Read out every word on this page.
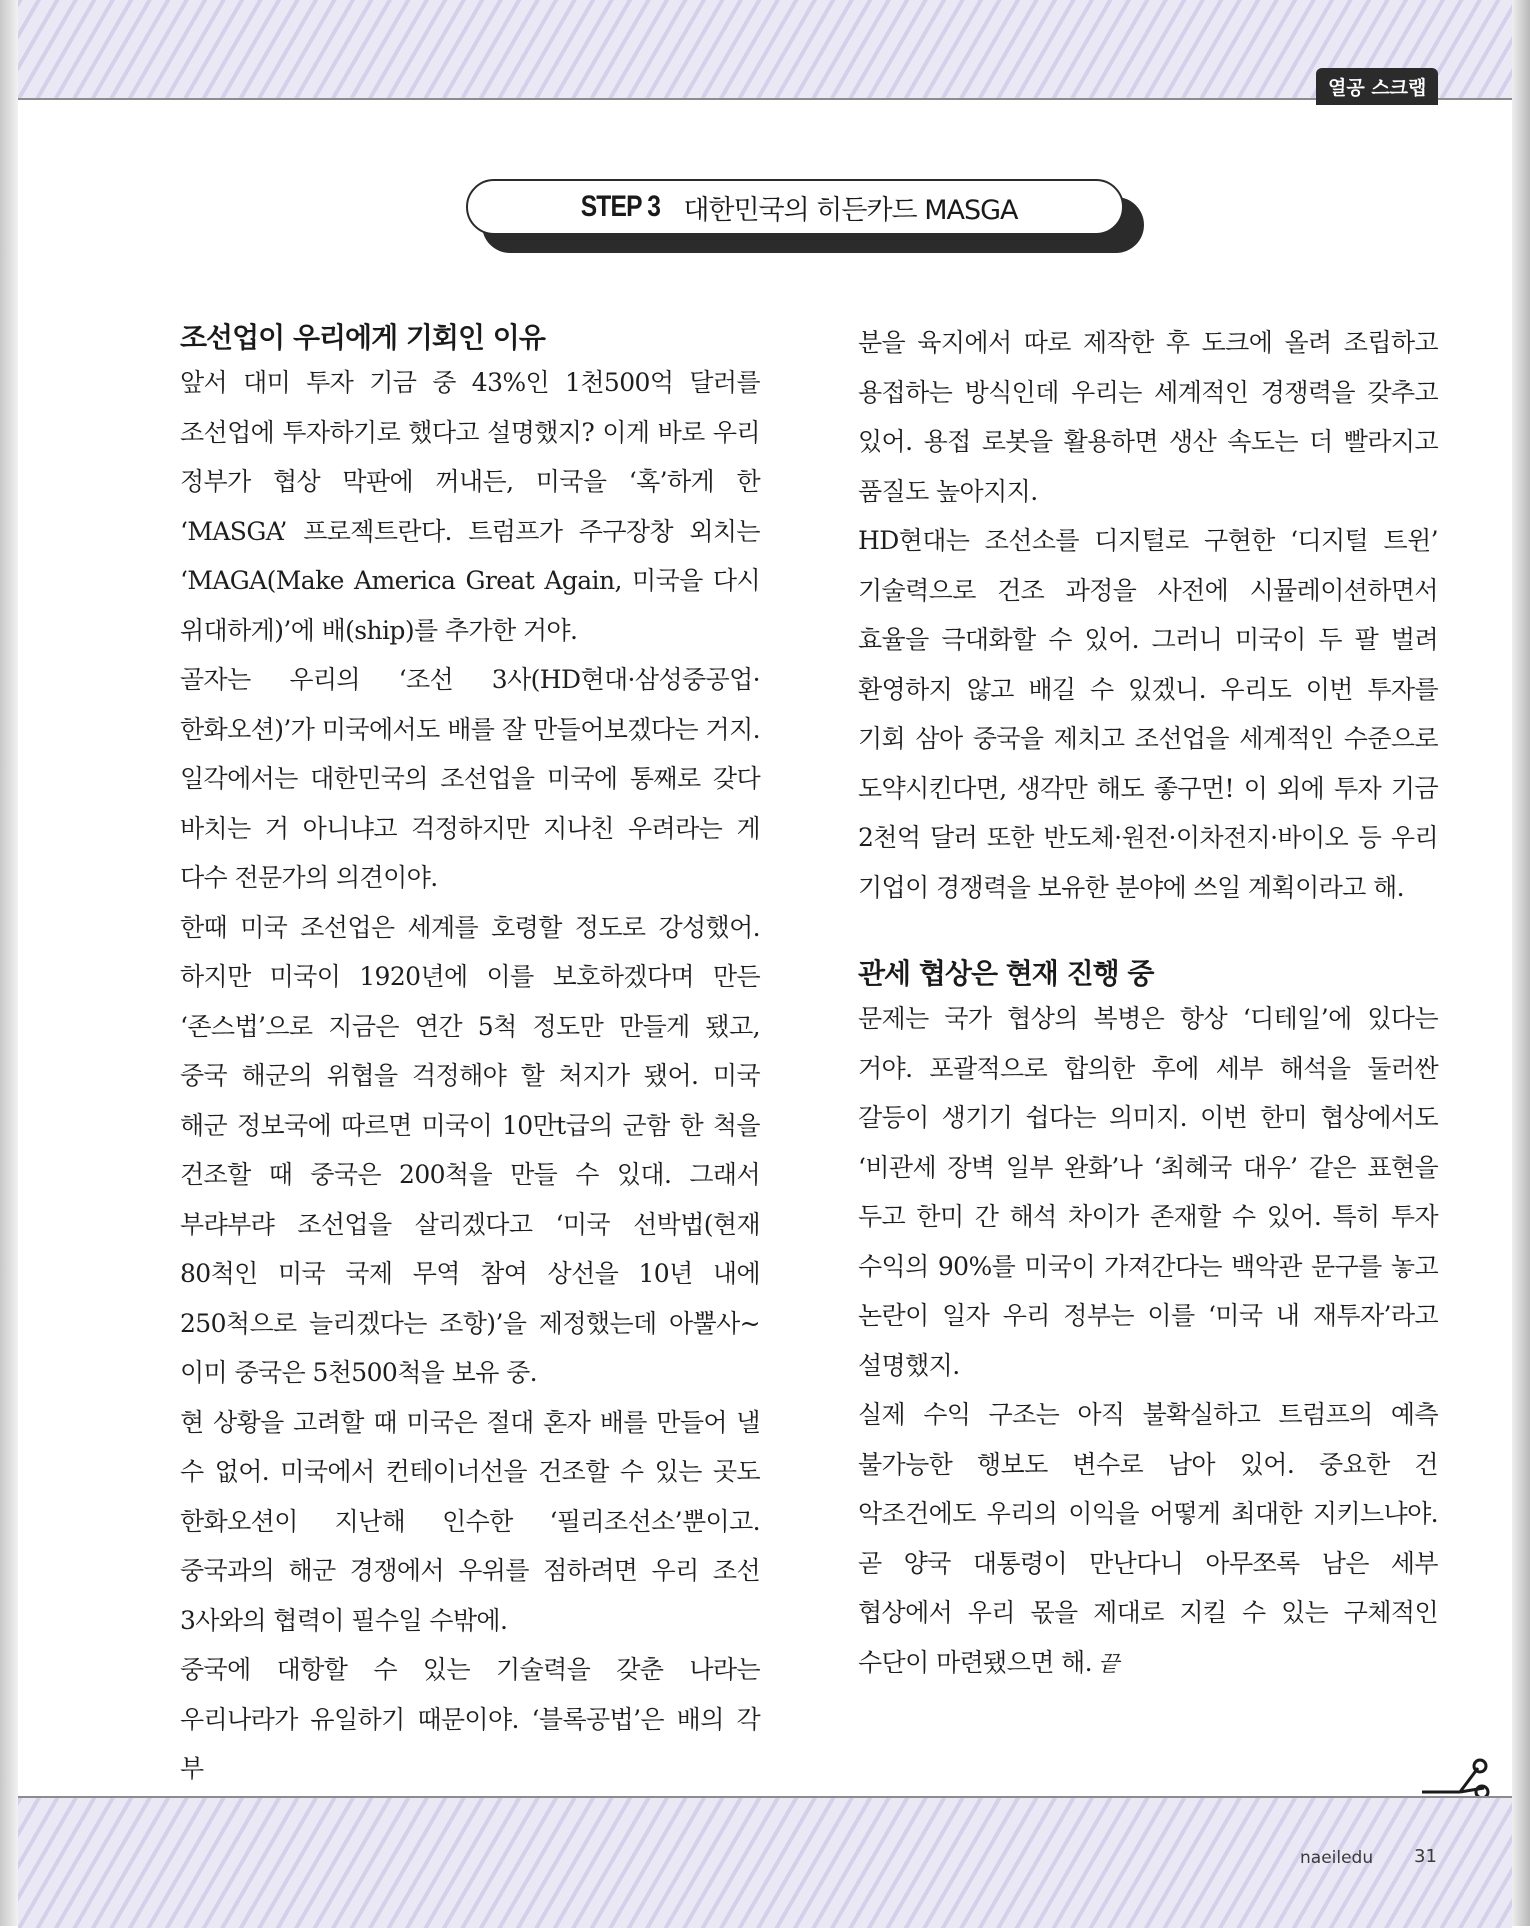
열공 스크랩
STEP 3 대한민국의 히든카드 MASGA
조선업이 우리에게 기회인 이유

앞서 대미 투자 기금 중 43%인 1천500억 달러를 조선업에 투자하기로 했다고 설명했지? 이게 바로 우리 정부가 협상 막판에 꺼내든, 미국을 ‘혹’하게 한 ‘MASGA’ 프로젝트란다. 트럼프가 주구장창 외치는 ‘MAGA(Make America Great Again, 미국을 다시 위대하게)’에 배(ship)를 추가한 거야.

골자는 우리의 ‘조선 3사(HD현대·삼성중공업·한화오션)’가 미국에서도 배를 잘 만들어보겠다는 거지. 일각에서는 대한민국의 조선업을 미국에 통째로 갖다 바치는 거 아니냐고 걱정하지만 지나친 우려라는 게 다수 전문가의 의견이야.

한때 미국 조선업은 세계를 호령할 정도로 강성했어. 하지만 미국이 1920년에 이를 보호하겠다며 만든 ‘존스법’으로 지금은 연간 5척 정도만 만들게 됐고, 중국 해군의 위협을 걱정해야 할 처지가 됐어. 미국 해군 정보국에 따르면 미국이 10만t급의 군함 한 척을 건조할 때 중국은 200척을 만들 수 있대. 그래서 부랴부랴 조선업을 살리겠다고 ‘미국 선박법(현재 80척인 미국 국제 무역 참여 상선을 10년 내에 250척으로 늘리겠다는 조항)’을 제정했는데 아뿔사~ 이미 중국은 5천500척을 보유 중.

현 상황을 고려할 때 미국은 절대 혼자 배를 만들어 낼 수 없어. 미국에서 컨테이너선을 건조할 수 있는 곳도 한화오션이 지난해 인수한 ‘필리조선소’뿐이고. 중국과의 해군 경쟁에서 우위를 점하려면 우리 조선 3사와의 협력이 필수일 수밖에.

중국에 대항할 수 있는 기술력을 갖춘 나라는 우리나라가 유일하기 때문이야. ‘블록공법’은 배의 각 부

분을 육지에서 따로 제작한 후 도크에 올려 조립하고 용접하는 방식인데 우리는 세계적인 경쟁력을 갖추고 있어. 용접 로봇을 활용하면 생산 속도는 더 빨라지고 품질도 높아지지.

HD현대는 조선소를 디지털로 구현한 ‘디지털 트윈’ 기술력으로 건조 과정을 사전에 시뮬레이션하면서 효율을 극대화할 수 있어. 그러니 미국이 두 팔 벌려 환영하지 않고 배길 수 있겠니. 우리도 이번 투자를 기회 삼아 중국을 제치고 조선업을 세계적인 수준으로 도약시킨다면, 생각만 해도 좋구먼! 이 외에 투자 기금 2천억 달러 또한 반도체·원전·이차전지·바이오 등 우리 기업이 경쟁력을 보유한 분야에 쓰일 계획이라고 해.

관세 협상은 현재 진행 중

문제는 국가 협상의 복병은 항상 ‘디테일’에 있다는 거야. 포괄적으로 합의한 후에 세부 해석을 둘러싼 갈등이 생기기 쉽다는 의미지. 이번 한미 협상에서도 ‘비관세 장벽 일부 완화’나 ‘최혜국 대우’ 같은 표현을 두고 한미 간 해석 차이가 존재할 수 있어. 특히 투자 수익의 90%를 미국이 가져간다는 백악관 문구를 놓고 논란이 일자 우리 정부는 이를 ‘미국 내 재투자’라고 설명했지.

실제 수익 구조는 아직 불확실하고 트럼프의 예측 불가능한 행보도 변수로 남아 있어. 중요한 건 악조건에도 우리의 이익을 어떻게 최대한 지키느냐야. 곧 양국 대통령이 만난다니 아무쪼록 남은 세부 협상에서 우리 몫을 제대로 지킬 수 있는 구체적인 수단이 마련됐으면 해. 끝

naeiledu 31
